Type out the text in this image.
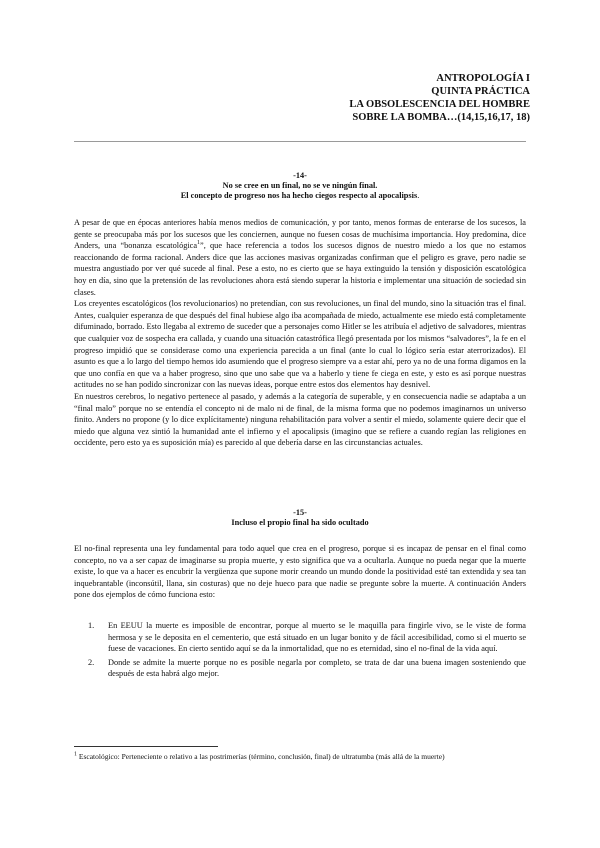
ANTROPOLOGÍA I
QUINTA PRÁCTICA
LA OBSOLESCENCIA DEL HOMBRE
SOBRE LA BOMBA…(14,15,16,17, 18)
-14-
No se cree en un final, no se ve ningún final.
El concepto de progreso nos ha hecho ciegos respecto al apocalipsis.

A pesar de que en épocas anteriores había menos medios de comunicación, y por tanto, menos formas de enterarse de los sucesos, la gente se preocupaba más por los sucesos que les conciernen, aunque no fuesen cosas de muchísima importancia. Hoy predomina, dice Anders, una “bonanza escatológica$^1$”, que hace referencia a todos los sucesos dignos de nuestro miedo a los que no estamos reaccionando de forma racional. Anders dice que las acciones masivas organizadas confirman que el peligro es grave, pero nadie se muestra angustiado por ver qué sucede al final. Pese a esto, no es cierto que se haya extinguido la tensión y disposición escatológica hoy en día, sino que la pretensión de las revoluciones ahora está siendo superar la historia e implementar una situación de sociedad sin clases.

Los creyentes escatológicos (los revolucionarios) no pretendían, con sus revoluciones, un final del mundo, sino la situación tras el final. Antes, cualquier esperanza de que después del final hubiese algo iba acompañada de miedo, actualmente ese miedo está completamente difuminado, borrado. Esto llegaba al extremo de suceder que a personajes como Hitler se les atribuía el adjetivo de salvadores, mientras que cualquier voz de sospecha era callada, y cuando una situación catastrófica llegó presentada por los mismos “salvadores”, la fe en el progreso impidió que se considerase como una experiencia parecida a un final (ante lo cual lo lógico sería estar aterrorizados). El asunto es que a lo largo del tiempo hemos ido asumiendo que el progreso siempre va a estar ahí, pero ya no de una forma digamos en la que uno confía en que va a haber progreso, sino que uno sabe que va a haberlo y tiene fe ciega en este, y esto es así porque nuestras actitudes no se han podido sincronizar con las nuevas ideas, porque entre estos dos elementos hay desnivel.

En nuestros cerebros, lo negativo pertenece al pasado, y además a la categoría de superable, y en consecuencia nadie se adaptaba a un “final malo” porque no se entendía el concepto ni de malo ni de final, de la misma forma que no podemos imaginarnos un universo finito. Anders no propone (y lo dice explícitamente) ninguna rehabilitación para volver a sentir el miedo, solamente quiere decir que el miedo que alguna vez sintió la humanidad ante el infierno y el apocalipsis (imagino que se refiere a cuando regían las religiones en occidente, pero esto ya es suposición mía) es parecido al que debería darse en las circunstancias actuales.

-15-
Incluso el propio final ha sido ocultado

El no-final representa una ley fundamental para todo aquel que crea en el progreso, porque si es incapaz de pensar en el final como concepto, no va a ser capaz de imaginarse su propia muerte, y esto significa que va a ocultarla. Aunque no pueda negar que la muerte existe, lo que va a hacer es encubrir la vergüenza que supone morir creando un mundo donde la positividad esté tan extendida y sea tan inquebrantable (inconsútil, llana, sin costuras) que no deje hueco para que nadie se pregunte sobre la muerte. A continuación Anders pone dos ejemplos de cómo funciona esto:

1.	En EEUU la muerte es imposible de encontrar, porque al muerto se le maquilla para fingirle vivo, se le viste de forma hermosa y se le deposita en el cementerio, que está situado en un lugar bonito y de fácil accesibilidad, como si el muerto se fuese de vacaciones. En cierto sentido aquí se da la inmortalidad, que no es eternidad, sino el no-final de la vida aquí.
2.	Donde se admite la muerte porque no es posible negarla por completo, se trata de dar una buena imagen sosteniendo que después de esta habrá algo mejor.
$^1$ Escatológico: Perteneciente o relativo a las postrimerías (término, conclusión, final) de ultratumba (más allá de la muerte)
